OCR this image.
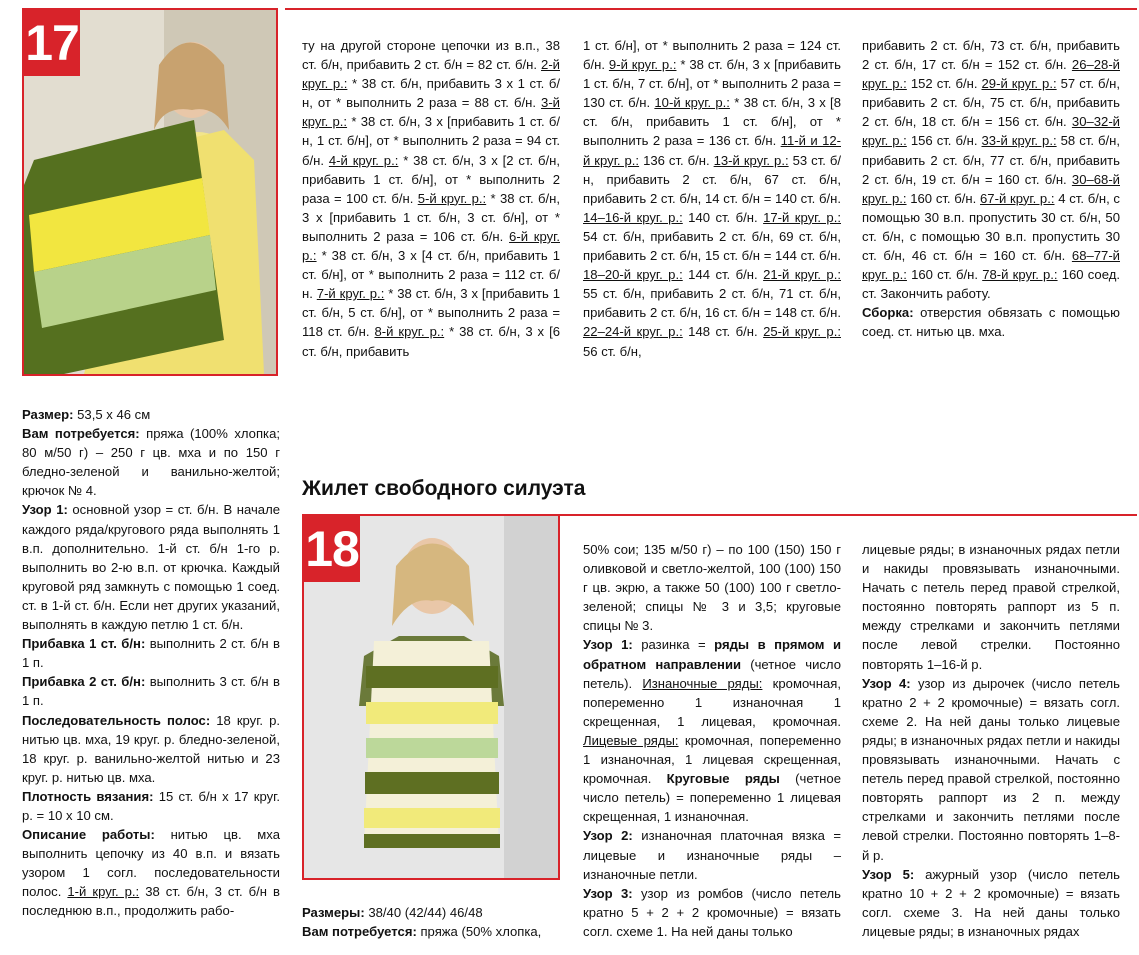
17

Размер: 53,5 х 46 см

Вам потребуется: пряжа (100% хлопка; 80 м/50 г) – 250 г цв. мха и по 150 г бледно-зеленой и ванильно-желтой; крючок № 4.

Узор 1: основной узор = ст. б/н. В начале каждого ряда/кругового ряда выполнять 1 в.п. дополнительно. 1-й ст. б/н 1-го р. выполнить во 2-ю в.п. от крючка. Каждый круговой ряд замкнуть с помощью 1 соед. ст. в 1-й ст. б/н. Если нет других указаний, выполнять в каждую петлю 1 ст. б/н.

Прибавка 1 ст. б/н: выполнить 2 ст. б/н в 1 п.

Прибавка 2 ст. б/н: выполнить 3 ст. б/н в 1 п.

Последовательность полос: 18 круг. р. нитью цв. мха, 19 круг. р. бледно-зеленой, 18 круг. р. ванильно-желтой нитью и 23 круг. р. нитью цв. мха.

Плотность вязания: 15 ст. б/н х 17 круг. р. = 10 х 10 см.

Описание работы: нитью цв. мха выполнить цепочку из 40 в.п. и вязать узором 1 согл. последовательности полос. 1-й круг. р.: 38 ст. б/н, 3 ст. б/н в последнюю в.п., продолжить рабо-

ту на другой стороне цепочки из в.п., 38 ст. б/н, прибавить 2 ст. б/н = 82 ст. б/н. 2-й круг. р.: * 38 ст. б/н, прибавить 3 х 1 ст. б/н, от * выполнить 2 раза = 88 ст. б/н. 3-й круг. р.: * 38 ст. б/н, 3 х [прибавить 1 ст. б/н, 1 ст. б/н], от * выполнить 2 раза = 94 ст. б/н. 4-й круг. р.: * 38 ст. б/н, 3 х [2 ст. б/н, прибавить 1 ст. б/н], от * выполнить 2 раза = 100 ст. б/н. 5-й круг. р.: * 38 ст. б/н, 3 х [прибавить 1 ст. б/н, 3 ст. б/н], от * выполнить 2 раза = 106 ст. б/н. 6-й круг. р.: * 38 ст. б/н, 3 х [4 ст. б/н, прибавить 1 ст. б/н], от * выполнить 2 раза = 112 ст. б/н. 7-й круг. р.: * 38 ст. б/н, 3 х [прибавить 1 ст. б/н, 5 ст. б/н], от * выполнить 2 раза = 118 ст. б/н. 8-й круг. р.: * 38 ст. б/н, 3 х [6 ст. б/н, прибавить

1 ст. б/н], от * выполнить 2 раза = 124 ст. б/н. 9-й круг. р.: * 38 ст. б/н, 3 х [прибавить 1 ст. б/н, 7 ст. б/н], от * выполнить 2 раза = 130 ст. б/н. 10-й круг. р.: * 38 ст. б/н, 3 х [8 ст. б/н, прибавить 1 ст. б/н], от * выполнить 2 раза = 136 ст. б/н. 11-й и 12-й круг. р.: 136 ст. б/н. 13-й круг. р.: 53 ст. б/н, прибавить 2 ст. б/н, 67 ст. б/н, прибавить 2 ст. б/н, 14 ст. б/н = 140 ст. б/н. 14–16-й круг. р.: 140 ст. б/н. 17-й круг. р.: 54 ст. б/н, прибавить 2 ст. б/н, 69 ст. б/н, прибавить 2 ст. б/н, 15 ст. б/н = 144 ст. б/н. 18–20-й круг. р.: 144 ст. б/н. 21-й круг. р.: 55 ст. б/н, прибавить 2 ст. б/н, 71 ст. б/н, прибавить 2 ст. б/н, 16 ст. б/н = 148 ст. б/н. 22–24-й круг. р.: 148 ст. б/н. 25-й круг. р.: 56 ст. б/н,

прибавить 2 ст. б/н, 73 ст. б/н, прибавить 2 ст. б/н, 17 ст. б/н = 152 ст. б/н. 26–28-й круг. р.: 152 ст. б/н. 29-й круг. р.: 57 ст. б/н, прибавить 2 ст. б/н, 75 ст. б/н, прибавить 2 ст. б/н, 18 ст. б/н = 156 ст. б/н. 30–32-й круг. р.: 156 ст. б/н. 33-й круг. р.: 58 ст. б/н, прибавить 2 ст. б/н, 77 ст. б/н, прибавить 2 ст. б/н, 19 ст. б/н = 160 ст. б/н. 30–68-й круг. р.: 160 ст. б/н. 67-й круг. р.: 4 ст. б/н, с помощью 30 в.п. пропустить 30 ст. б/н, 50 ст. б/н, с помощью 30 в.п. пропустить 30 ст. б/н, 46 ст. б/н = 160 ст. б/н. 68–77-й круг. р.: 160 ст. б/н. 78-й круг. р.: 160 соед. ст. Закончить работу.

Сборка: отверстия обвязать с помощью соед. ст. нитью цв. мха.

Жилет свободного силуэта
18

Размеры: 38/40 (42/44) 46/48

Вам потребуется: пряжа (50% хлопка,

50% сои; 135 м/50 г) – по 100 (150) 150 г оливковой и светло-желтой, 100 (100) 150 г цв. экрю, а также 50 (100) 100 г светло-зеленой; спицы № 3 и 3,5; круговые спицы № 3.

Узор 1: разинка = ряды в прямом и обратном направлении (четное число петель). Изнаночные ряды: кромочная, попеременно 1 изнаночная 1 скрещенная, 1 лицевая, кромочная. Лицевые ряды: кромочная, попеременно 1 изнаночная, 1 лицевая скрещенная, кромочная. Круговые ряды (четное число петель) = попеременно 1 лицевая скрещенная, 1 изнаночная.

Узор 2: изнаночная платочная вязка = лицевые и изнаночные ряды – изнаночные петли.

Узор 3: узор из ромбов (число петель кратно 5 + 2 + 2 кромочные) = вязать согл. схеме 1. На ней даны только

лицевые ряды; в изнаночных рядах петли и накиды провязывать изнаночными. Начать с петель перед правой стрелкой, постоянно повторять раппорт из 5 п. между стрелками и закончить петлями после левой стрелки. Постоянно повторять 1–16-й р.

Узор 4: узор из дырочек (число петель кратно 2 + 2 кромочные) = вязать согл. схеме 2. На ней даны только лицевые ряды; в изнаночных рядах петли и накиды провязывать изнаночными. Начать с петель перед правой стрелкой, постоянно повторять раппорт из 2 п. между стрелками и закончить петлями после левой стрелки. Постоянно повторять 1–8-й р.

Узор 5: ажурный узор (число петель кратно 10 + 2 + 2 кромочные) = вязать согл. схеме 3. На ней даны только лицевые ряды; в изнаночных рядах
